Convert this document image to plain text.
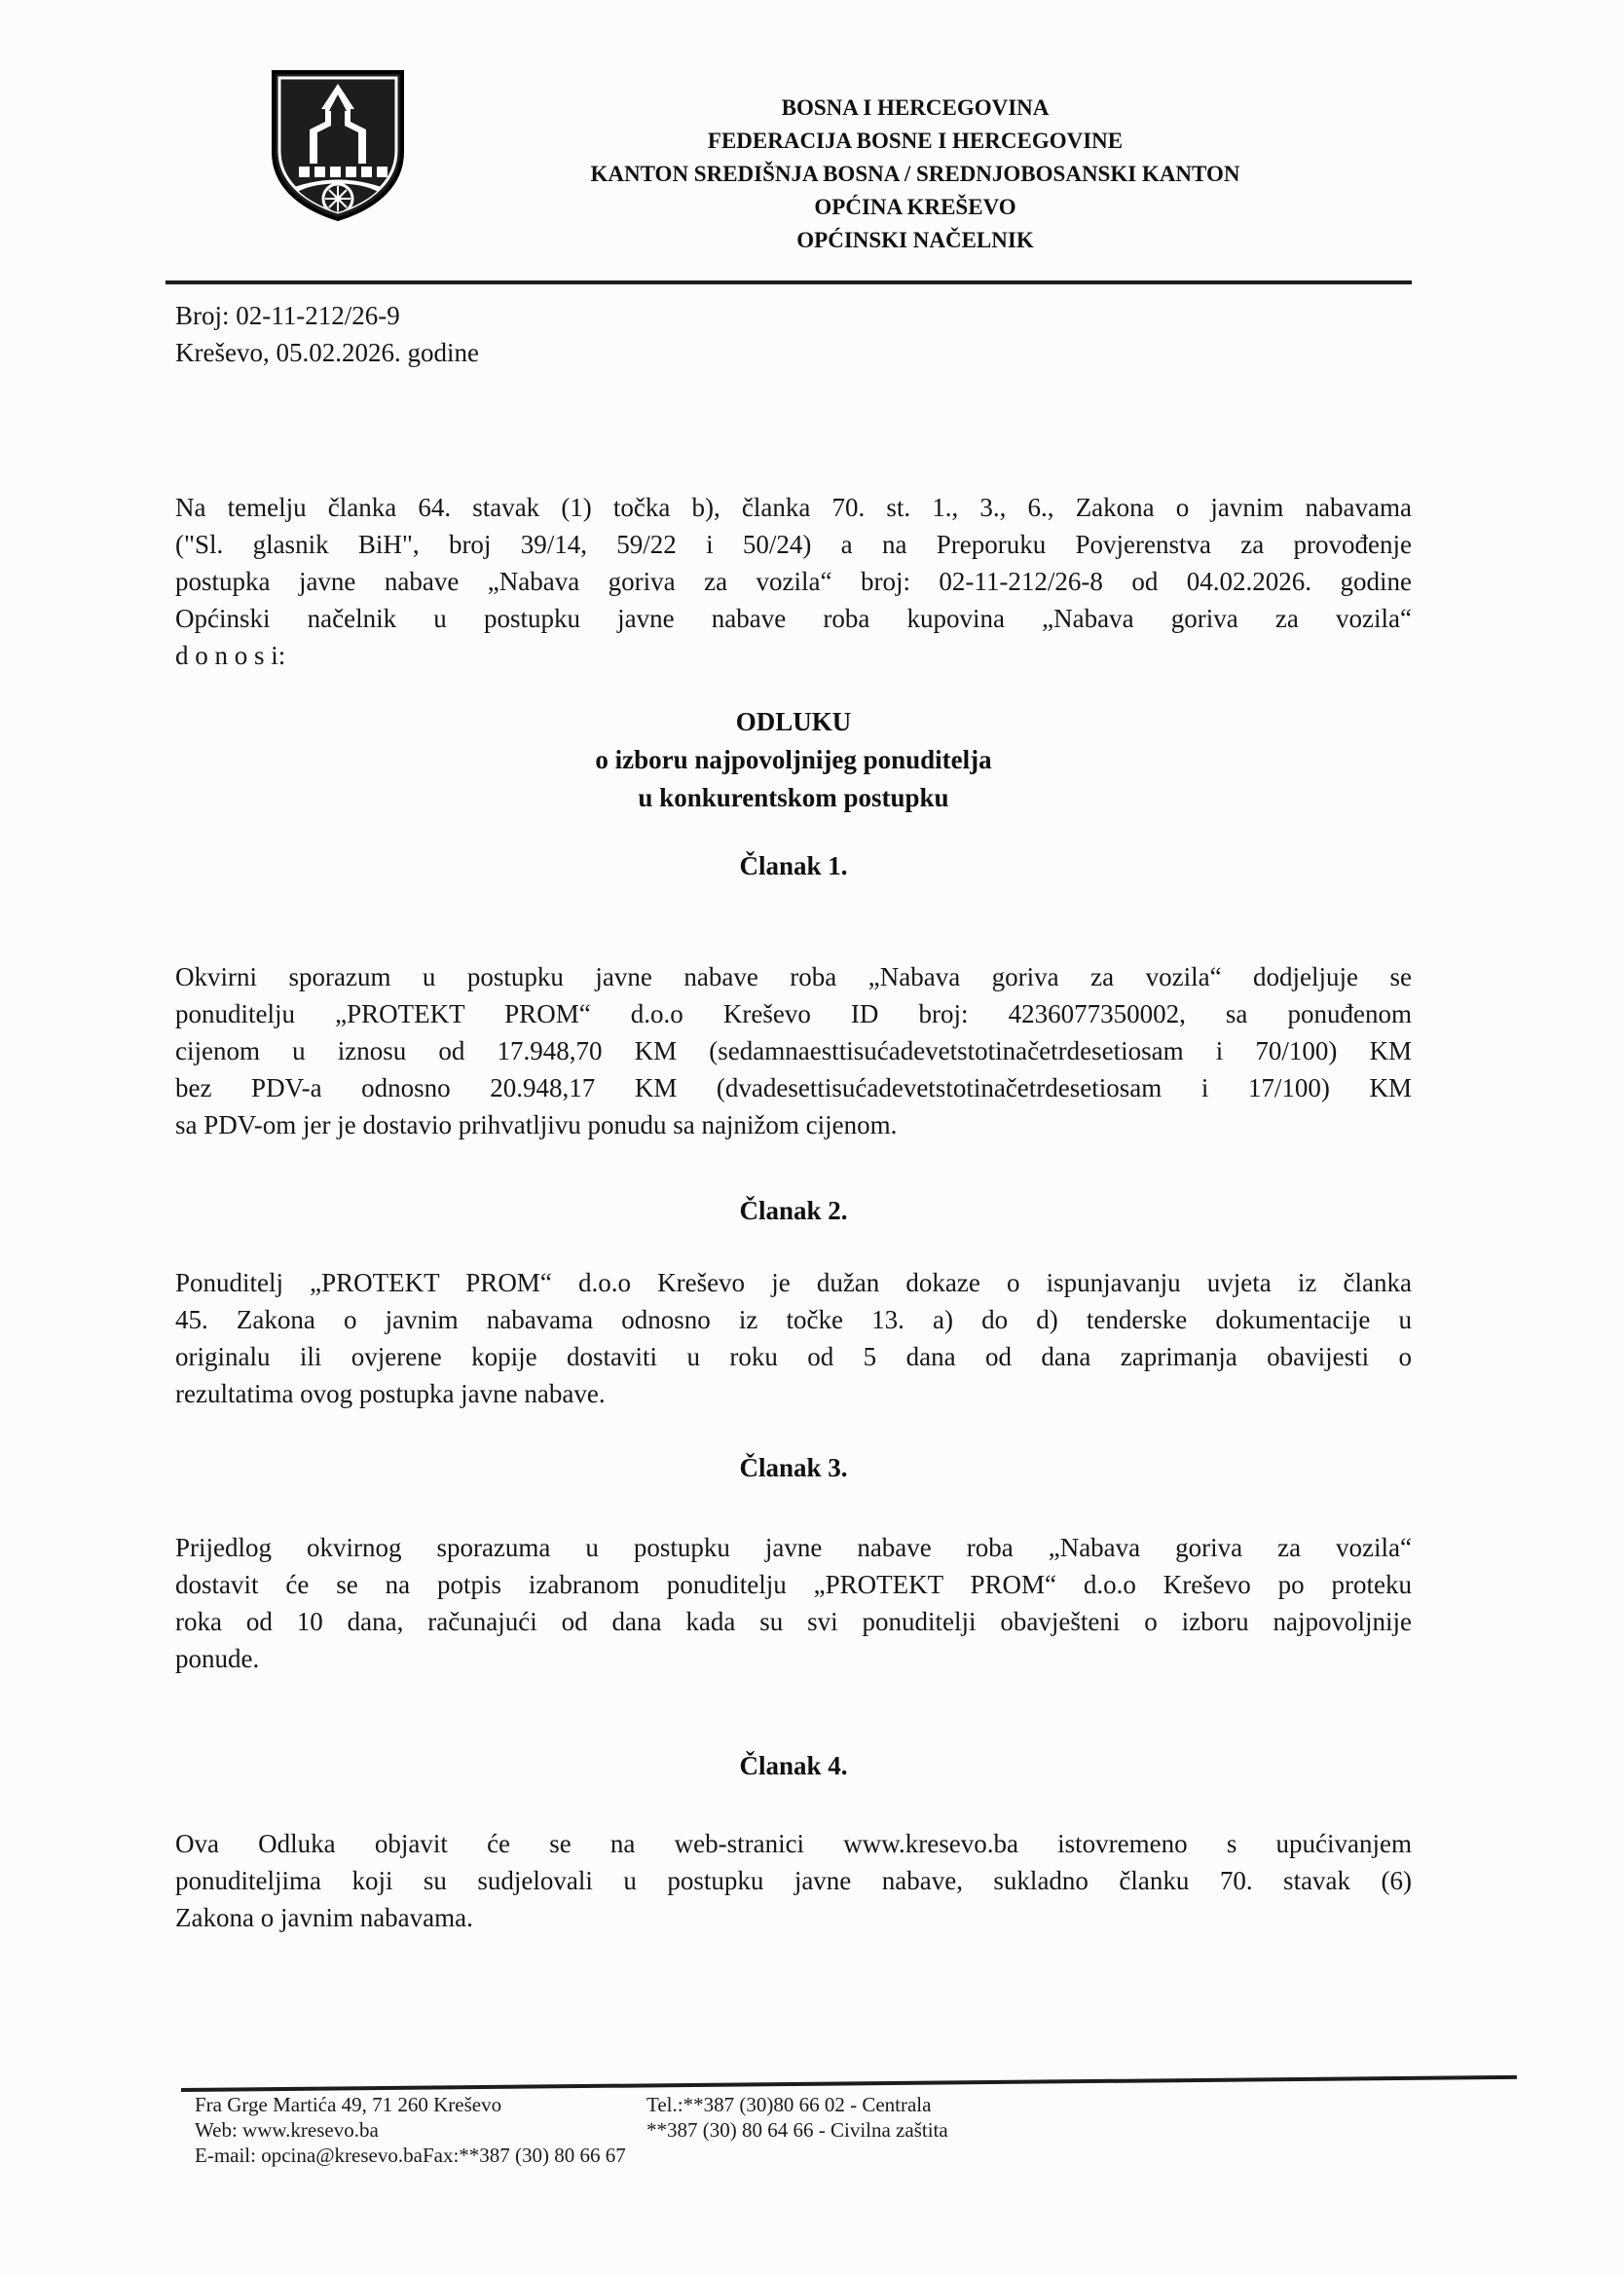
BOSNA I HERCEGOVINA
FEDERACIJA BOSNE I HERCEGOVINE
KANTON SREDIŠNJA BOSNA / SREDNJOBOSANSKI KANTON
OPĆINA KREŠEVO
OPĆINSKI NAČELNIK
Broj: 02-11-212/26-9
Kreševo, 05.02.2026. godine
Na temelju članka 64. stavak (1) točka b), članka 70. st. 1., 3., 6., Zakona o javnim nabavama
("Sl. glasnik BiH", broj 39/14, 59/22 i 50/24) a na Preporuku Povjerenstva za provođenje
postupka javne nabave „Nabava goriva za vozila“ broj: 02-11-212/26-8 od 04.02.2026. godine
Općinski načelnik u postupku javne nabave roba kupovina „Nabava goriva za vozila“
d o n o s i:
ODLUKU
o izboru najpovoljnijeg ponuditelja
u konkurentskom postupku
Članak 1.
Okvirni sporazum u postupku javne nabave roba „Nabava goriva za vozila“ dodjeljuje se
ponuditelju „PROTEKT PROM“ d.o.o Kreševo ID broj: 4236077350002, sa ponuđenom
cijenom u iznosu od 17.948,70 KM (sedamnaesttisućadevetstotinačetrdesetiosam i 70/100) KM
bez PDV-a odnosno 20.948,17 KM (dvadesettisućadevetstotinačetrdesetiosam i 17/100) KM
sa PDV-om jer je dostavio prihvatljivu ponudu sa najnižom cijenom.
Članak 2.
Ponuditelj „PROTEKT PROM“ d.o.o Kreševo je dužan dokaze o ispunjavanju uvjeta iz članka
45. Zakona o javnim nabavama odnosno iz točke 13. a) do d) tenderske dokumentacije u
originalu ili ovjerene kopije dostaviti u roku od 5 dana od dana zaprimanja obavijesti o
rezultatima ovog postupka javne nabave.
Članak 3.
Prijedlog okvirnog sporazuma u postupku javne nabave roba „Nabava goriva za vozila“
dostavit će se na potpis izabranom ponuditelju „PROTEKT PROM“ d.o.o Kreševo po proteku
roka od 10 dana, računajući od dana kada su svi ponuditelji obavješteni o izboru najpovoljnije
ponude.
Članak 4.
Ova Odluka objavit će se na web-stranici www.kresevo.ba istovremeno s upućivanjem
ponuditeljima koji su sudjelovali u postupku javne nabave, sukladno članku 70. stavak (6)
Zakona o javnim nabavama.
Fra Grge Martića 49, 71 260 Kreševo
Web: www.kresevo.ba
E-mail: opcina@kresevo.baFax:**387 (30) 80 66 67
Tel.:**387 (30)80 66 02 - Centrala
**387 (30) 80 64 66 - Civilna zaštita
